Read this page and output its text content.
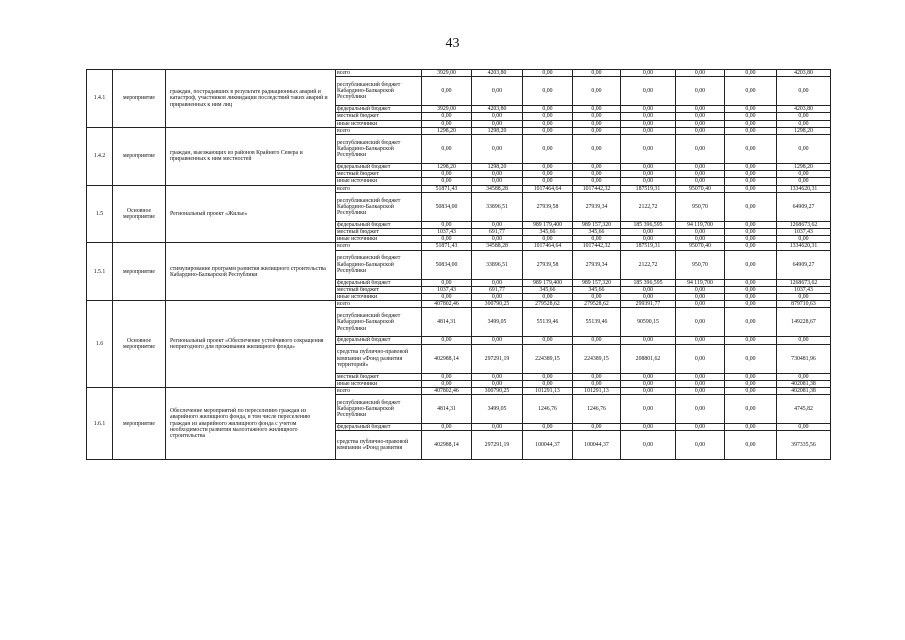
43
1.4.1	мероприятие	граждан, пострадавших в результате радиационных аварий и катастроф, участников ликвидации последствий таких аварий и приравненных к ним лиц	всего	3929,00	4203,80	0,00	0,00	0,00	0,00	0,00	4203,80
			республиканский бюджет Кабардино-Балкарской Республики	0,00	0,00	0,00	0,00	0,00	0,00	0,00	0,00
			федеральный бюджет	3929,00	4203,80	0,00	0,00	0,00	0,00	0,00	4203,80
			местный бюджет	0,00	0,00	0,00	0,00	0,00	0,00	0,00	0,00
			иные источники	0,00	0,00	0,00	0,00	0,00	0,00	0,00	0,00
1.4.2	мероприятие	граждан, выезжающих из районов Крайнего Севера и приравненных к ним местностей	всего	1298,20	1298,20	0,00	0,00	0,00	0,00	0,00	1298,20
			республиканский бюджет Кабардино-Балкарской Республики	0,00	0,00	0,00	0,00	0,00	0,00	0,00	0,00
			федеральный бюджет	1298,20	1298,20	0,00	0,00	0,00	0,00	0,00	1298,20
			местный бюджет	0,00	0,00	0,00	0,00	0,00	0,00	0,00	0,00
			иные источники	0,00	0,00	0,00	0,00	0,00	0,00	0,00	0,00
1.5	Основное мероприятие	Региональный проект «Жилье»	всего	51871,43	34588,28	1017464,64	1017442,32	187519,31	95070,40	0,00	1334620,31
			республиканский бюджет Кабардино-Балкарской Республики	50834,00	33896,51	27939,58	27939,34	2122,72	950,70	0,00	64909,27
			федеральный бюджет	0,00	0,00	989 179,400	989 157,320	185 396,595	94 119,700	0,00	1268673,62
			местный бюджет	1037,43	691,77	345,66	345,66	0,00	0,00	0,00	1037,43
			иные источники	0,00	0,00	0,00	0,00	0,00	0,00	0,00	0,00
1.5.1	мероприятие	стимулирование программ развития жилищного строительства Кабардино-Балкарской Республики	всего	51871,43	34588,28	1017464,64	1017442,32	187519,31	95070,40	0,00	1334620,31
			республиканский бюджет Кабардино-Балкарской Республики	50834,00	33896,51	27939,58	27939,34	2122,72	950,70	0,00	64909,27
			федеральный бюджет	0,00	0,00	989 179,400	989 157,320	185 396,595	94 119,700	0,00	1268673,62
			местный бюджет	1037,43	691,77	345,66	345,66	0,00	0,00	0,00	1037,43
			иные источники	0,00	0,00	0,00	0,00	0,00	0,00	0,00	0,00
1.6	Основное мероприятие	Региональный проект «Обеспечение устойчивого сокращения непригодного для проживания жилищного фонда»	всего	407802,46	300790,25	279528,62	279528,62	299391,77	0,00	0,00	879710,63
			республиканский бюджет Кабардино-Балкарской Республики	4814,31	3499,05	55139,46	55139,46	90590,15	0,00	0,00	149228,67
			федеральный бюджет	0,00	0,00	0,00	0,00	0,00	0,00	0,00	0,00
			средства публично-правовой компании «Фонд развития территорий»	402988,14	297291,19	224389,15	224389,15	208801,62	0,00	0,00	730481,96
			местный бюджет	0,00	0,00	0,00	0,00	0,00	0,00	0,00	0,00
			иные источники	0,00	0,00	0,00	0,00	0,00	0,00	0,00	402081,38
1.6.1	мероприятие	Обеспечение мероприятий по переселению граждан из аварийного жилищного фонда, в том числе переселению граждан из аварийного жилищного фонда с учетом необходимости развития малоэтажного жилищного строительства	всего	407802,46	300790,25	101291,13	101291,13	0,00	0,00	0,00	402081,38
			республиканский бюджет Кабардино-Балкарской Республики	4814,31	3499,05	1246,76	1246,76	0,00	0,00	0,00	4745,82
			федеральный бюджет	0,00	0,00	0,00	0,00	0,00	0,00	0,00	0,00
			средства публично-правовой компании «Фонд развития	402988,14	297291,19	100044,37	100044,37	0,00	0,00	0,00	397335,56
